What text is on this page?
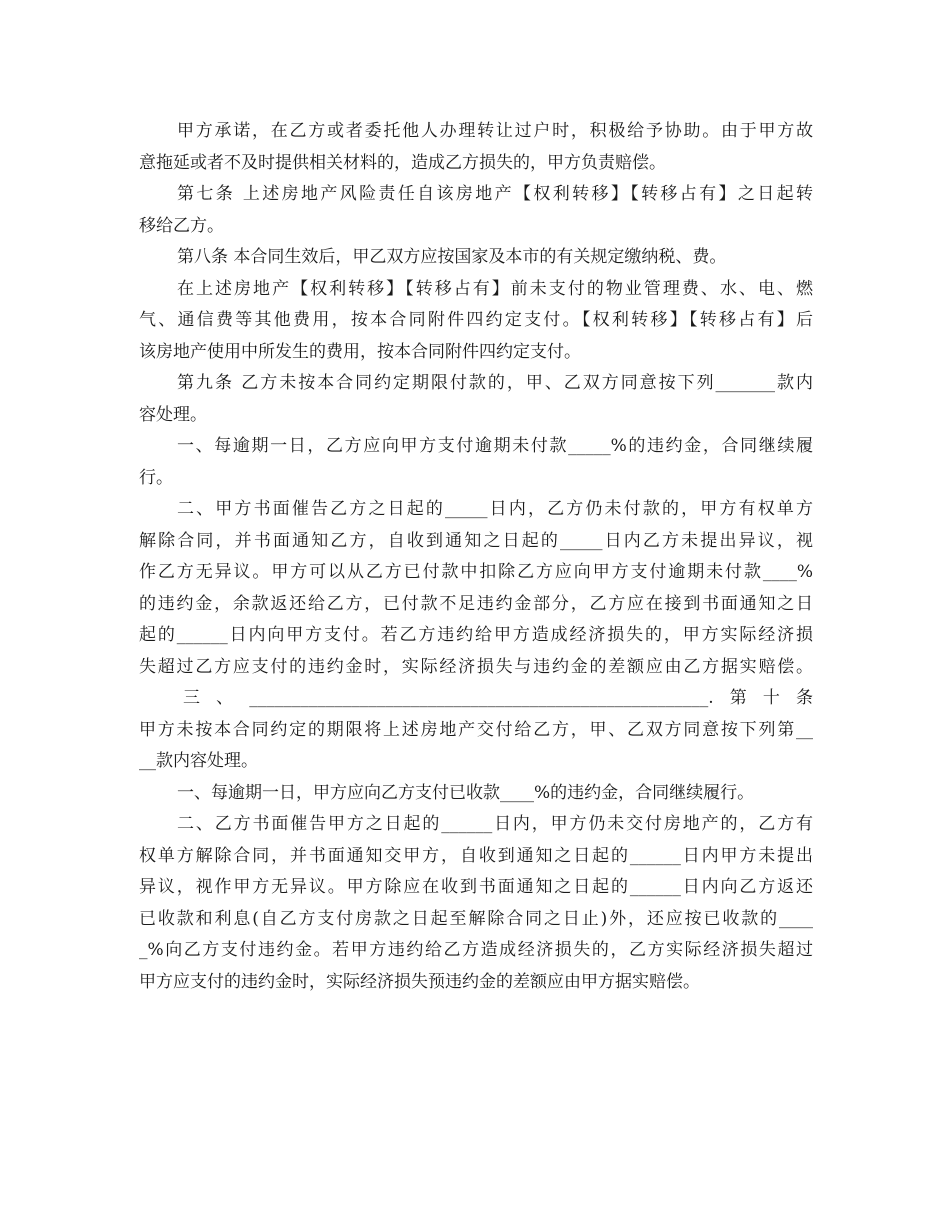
甲方承诺，在乙方或者委托他人办理转让过户时，积极给予协助。由于甲方故
意拖延或者不及时提供相关材料的，造成乙方损失的，甲方负责赔偿。
第七条 上述房地产风险责任自该房地产【权利转移】【转移占有】之日起转
移给乙方。
第八条 本合同生效后，甲乙双方应按国家及本市的有关规定缴纳税、费。
在上述房地产【权利转移】【转移占有】前未支付的物业管理费、水、电、燃
气、通信费等其他费用，按本合同附件四约定支付。【权利转移】【转移占有】后
该房地产使用中所发生的费用，按本合同附件四约定支付。
第九条 乙方未按本合同约定期限付款的，甲、乙双方同意按下列_______款内
容处理。
一、每逾期一日，乙方应向甲方支付逾期未付款_____%的违约金，合同继续履
行。
二、甲方书面催告乙方之日起的_____日内，乙方仍未付款的，甲方有权单方
解除合同，并书面通知乙方，自收到通知之日起的_____日内乙方未提出异议，视
作乙方无异议。甲方可以从乙方已付款中扣除乙方应向甲方支付逾期未付款____%
的违约金，余款返还给乙方，已付款不足违约金部分，乙方应在接到书面通知之日
起的______日内向甲方支付。若乙方违约给甲方造成经济损失的，甲方实际经济损
失超过乙方应支付的违约金时，实际经济损失与违约金的差额应由乙方据实赔偿。
三、______________________________________________________.第十条
甲方未按本合同约定的期限将上述房地产交付给乙方，甲、乙双方同意按下列第__
__款内容处理。
一、每逾期一日，甲方应向乙方支付已收款____%的违约金，合同继续履行。
二、乙方书面催告甲方之日起的______日内，甲方仍未交付房地产的，乙方有
权单方解除合同，并书面通知交甲方，自收到通知之日起的______日内甲方未提出
异议，视作甲方无异议。甲方除应在收到书面通知之日起的______日内向乙方返还
已收款和利息(自乙方支付房款之日起至解除合同之日止)外，还应按已收款的____
_%向乙方支付违约金。若甲方违约给乙方造成经济损失的，乙方实际经济损失超过
甲方应支付的违约金时，实际经济损失预违约金的差额应由甲方据实赔偿。
